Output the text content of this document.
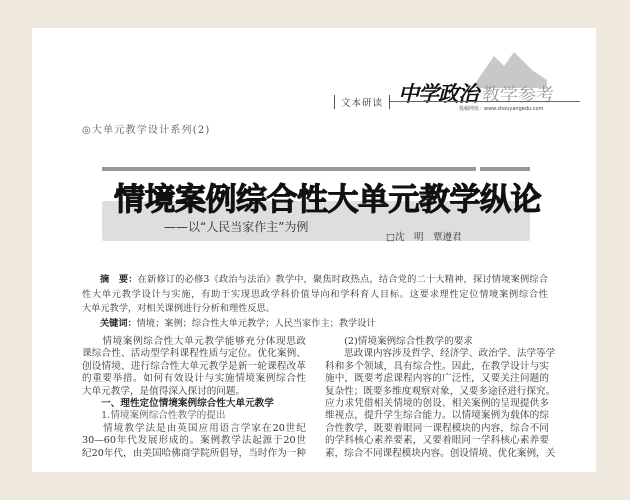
文本研读 中学政治 教学参考
投稿网址：www.shouyangedu.com
◎大单元教学设计系列(2)
情境案例综合性大单元教学纵论
——以“人民当家作主”为例
□沈　明　覃遵君
摘　要：在新修订的必修3《政治与法治》教学中，聚焦时政热点，结合党的二十大精神，探讨情境案例综合
性大单元教学设计与实施，有助于实现思政学科价值导向和学科育人目标。这要求理性定位情境案例综合性
大单元教学，对相关课例进行分析和理性反思。
关键词：情境；案例；综合性大单元教学；人民当家作主；教学设计
　　情境案例综合性大单元教学能够充分体现思政
课综合性、活动型学科课程性质与定位。优化案例、
创设情境、进行综合性大单元教学是新一轮课程改革
的重要举措。如何有效设计与实施情境案例综合性
大单元教学，是值得深入探讨的问题。
　　一、理性定位情境案例综合性大单元教学
　　1.情境案例综合性教学的提出
　　情境教学法是由英国应用语言学家在20世纪
30—60年代发展形成的。案例教学法起源于20世
纪20年代，由美国哈佛商学院所倡导，当时作为一种
　　(2)情境案例综合性教学的要求
　　思政课内容涉及哲学、经济学、政治学、法学等学
科和多个领域，具有综合性。因此，在教学设计与实
施中，既要考虑课程内容的广泛性，又要关注问题的
复杂性；既要多维度观察对象，又要多途径进行探究。
应力求凭借相关情境的创设、相关案例的呈现提供多
维视点，提升学生综合能力。以情境案例为载体的综
合性教学，既要着眼同一课程模块的内容，综合不同
的学科核心素养要素，又要着眼同一学科核心素养要
素，综合不同课程模块内容。创设情境、优化案例，关
